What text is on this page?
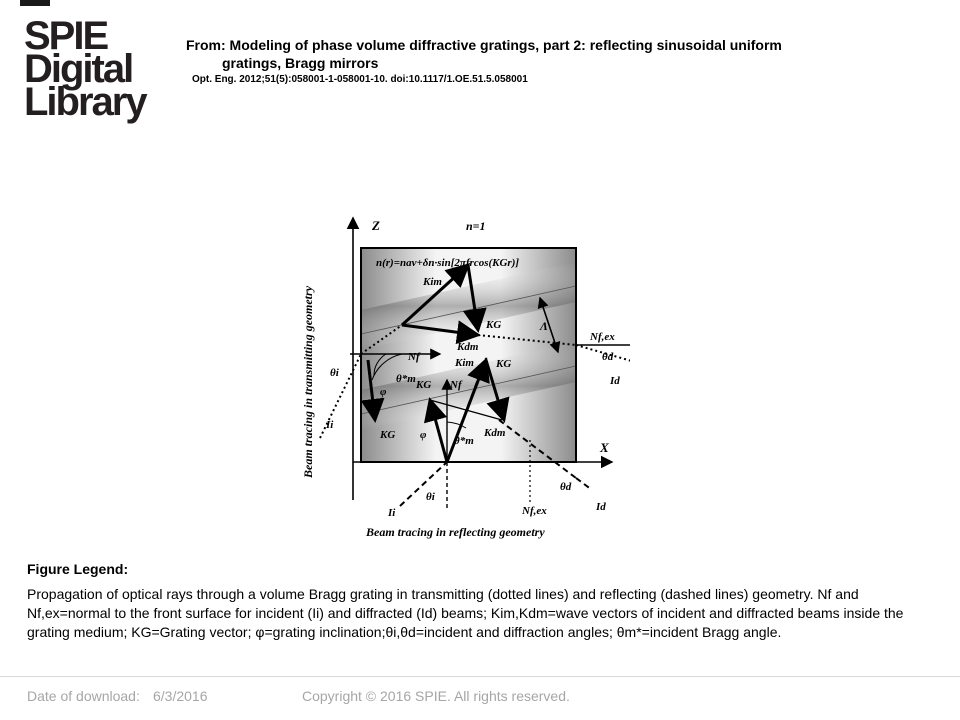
SPIE
Digital
Library
From: Modeling of phase volume diffractive gratings, part 2: reflecting sinusoidal uniform
gratings, Bragg mirrors
Opt. Eng. 2012;51(5):058001-1-058001-10. doi:10.1117/1.OE.51.5.058001
Z
X
n=1
n(r)=nav+δn·sin[2πfrcos(KGr)]
Kim
KG
Kdm
Kim KG
Λ
Nf,ex
θd
Id
Nf
θi	θ*m
φ
Ii
KG
KG Nf
φ	θ*m
Kdm
Ii
θi
Nf,ex
θd
Id
Beam tracing in transmitting geometry
Beam tracing in reflecting geometry
Figure Legend:
Propagation of optical rays through a volume Bragg grating in transmitting (dotted lines) and reflecting (dashed lines) geometry. Nf and Nf,ex=normal to the front surface for incident (Ii) and diffracted (Id) beams; Kim,Kdm=wave vectors of incident and diffracted beams inside the grating medium; KG=Grating vector; φ=grating inclination;θi,θd=incident and diffraction angles; θm*=incident Bragg angle.
Date of download: 6/3/2016	Copyright © 2016 SPIE. All rights reserved.
